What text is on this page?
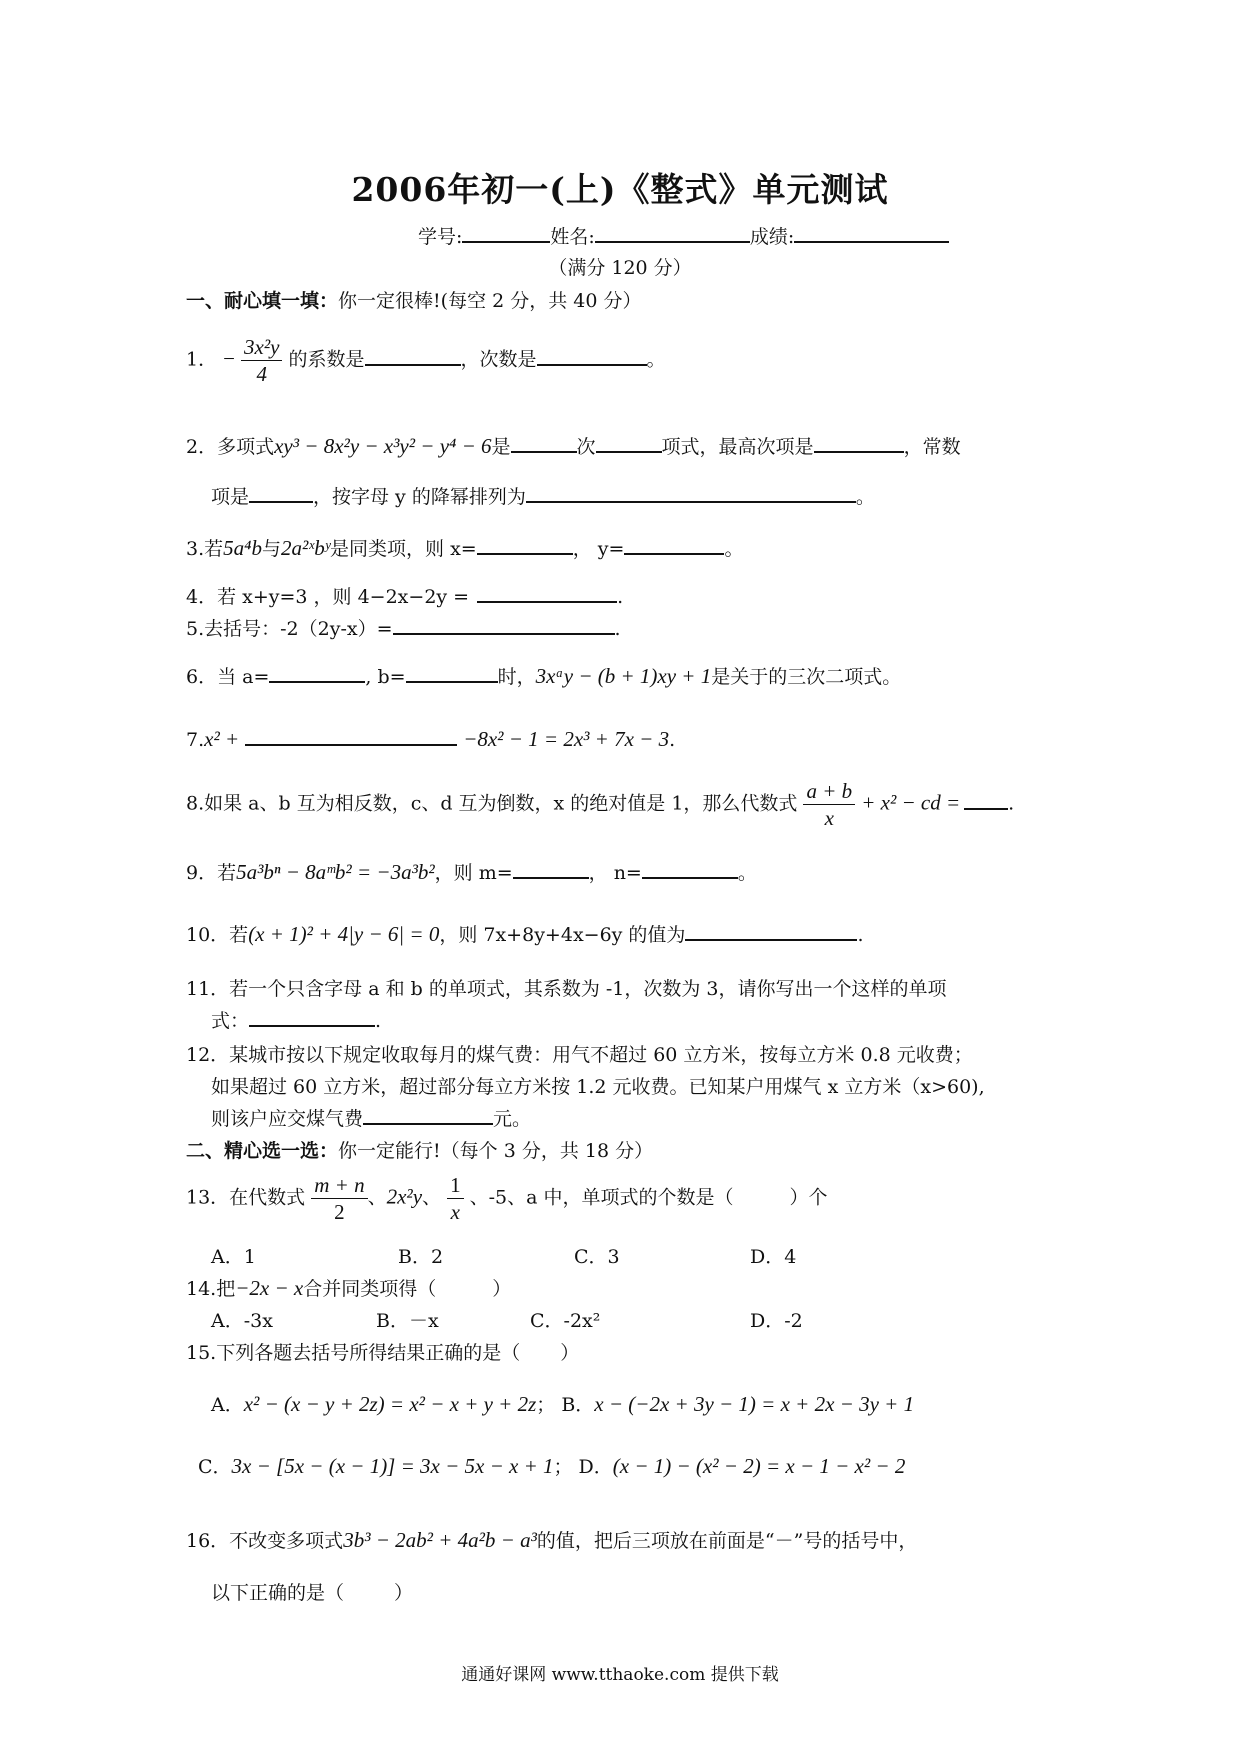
2006年初一(上)《整式》单元测试
学号:	姓名:	成绩:
（满分 120 分）
一、耐心填一填：你一定很棒!(每空 2 分，共 40 分）
1． − $\frac{\text{3x²y}}{4}$ 的系数是	，次数是	。
2．多项式xy³ − 8x²y − x³y² − y⁴ − 6是	次	项式，最高次项是	，常数
项是	，按字母 y 的降幂排列为	。
3.若5a⁴b与2a²ˣbʸ是同类项，则 x=	， y=	。
4．若 x+y=3 ，则 4−2x−2y =	.
5.去括号：-2（2y-x）=	.
6．当 a=	, b=	时，3xᵃy − (b + 1)xy + 1是关于的三次二项式。
7.x² +	−8x² − 1 = 2x³ + 7x − 3.
8.如果 a、b 互为相反数，c、d 互为倒数，x 的绝对值是 1，那么代数式 $\frac{a + b}{x} + x^2$ − cd =	.
9．若5a³bⁿ − 8aᵐb² = −3a³b²，则 m=	， n=	。
10．若(x + 1)² + 4|y − 6| = 0，则 7x+8y+4x−6y 的值为	.
11．若一个只含字母 a 和 b 的单项式，其系数为 -1，次数为 3，请你写出一个这样的单项
式：	.
12．某城市按以下规定收取每月的煤气费：用气不超过 60 立方米，按每立方米 0.8 元收费；
如果超过 60 立方米，超过部分每立方米按 1.2 元收费。已知某户用煤气 x 立方米（x>60),
则该户应交煤气费	元。
二、精心选一选：你一定能行!（每个 3 分，共 18 分）
13．在代数式 $\frac{m + n}{2}$ 、2x²y、 $\frac{1}{x}$ 、-5、a 中，单项式的个数是（	）个
A．1	B．2	C．3	D．4
14.把−2x − x合并同类项得（	）
A．-3x	B．－x	C．-2x²	D．-2
15.下列各题去括号所得结果正确的是（ ）
A．x² − (x − y + 2z) = x² − x + y + 2z； B．x − (−2x + 3y − 1) = x + 2x − 3y + 1
C．3x − [5x − (x − 1)] = 3x − 5x − x + 1； D．(x − 1) − (x² − 2) = x − 1 − x² − 2
16．不改变多项式3b³ − 2ab² + 4a²b − a³的值，把后三项放在前面是“－”号的括号中，
以下正确的是（	）
通通好课网 www.tthaoke.com 提供下载
